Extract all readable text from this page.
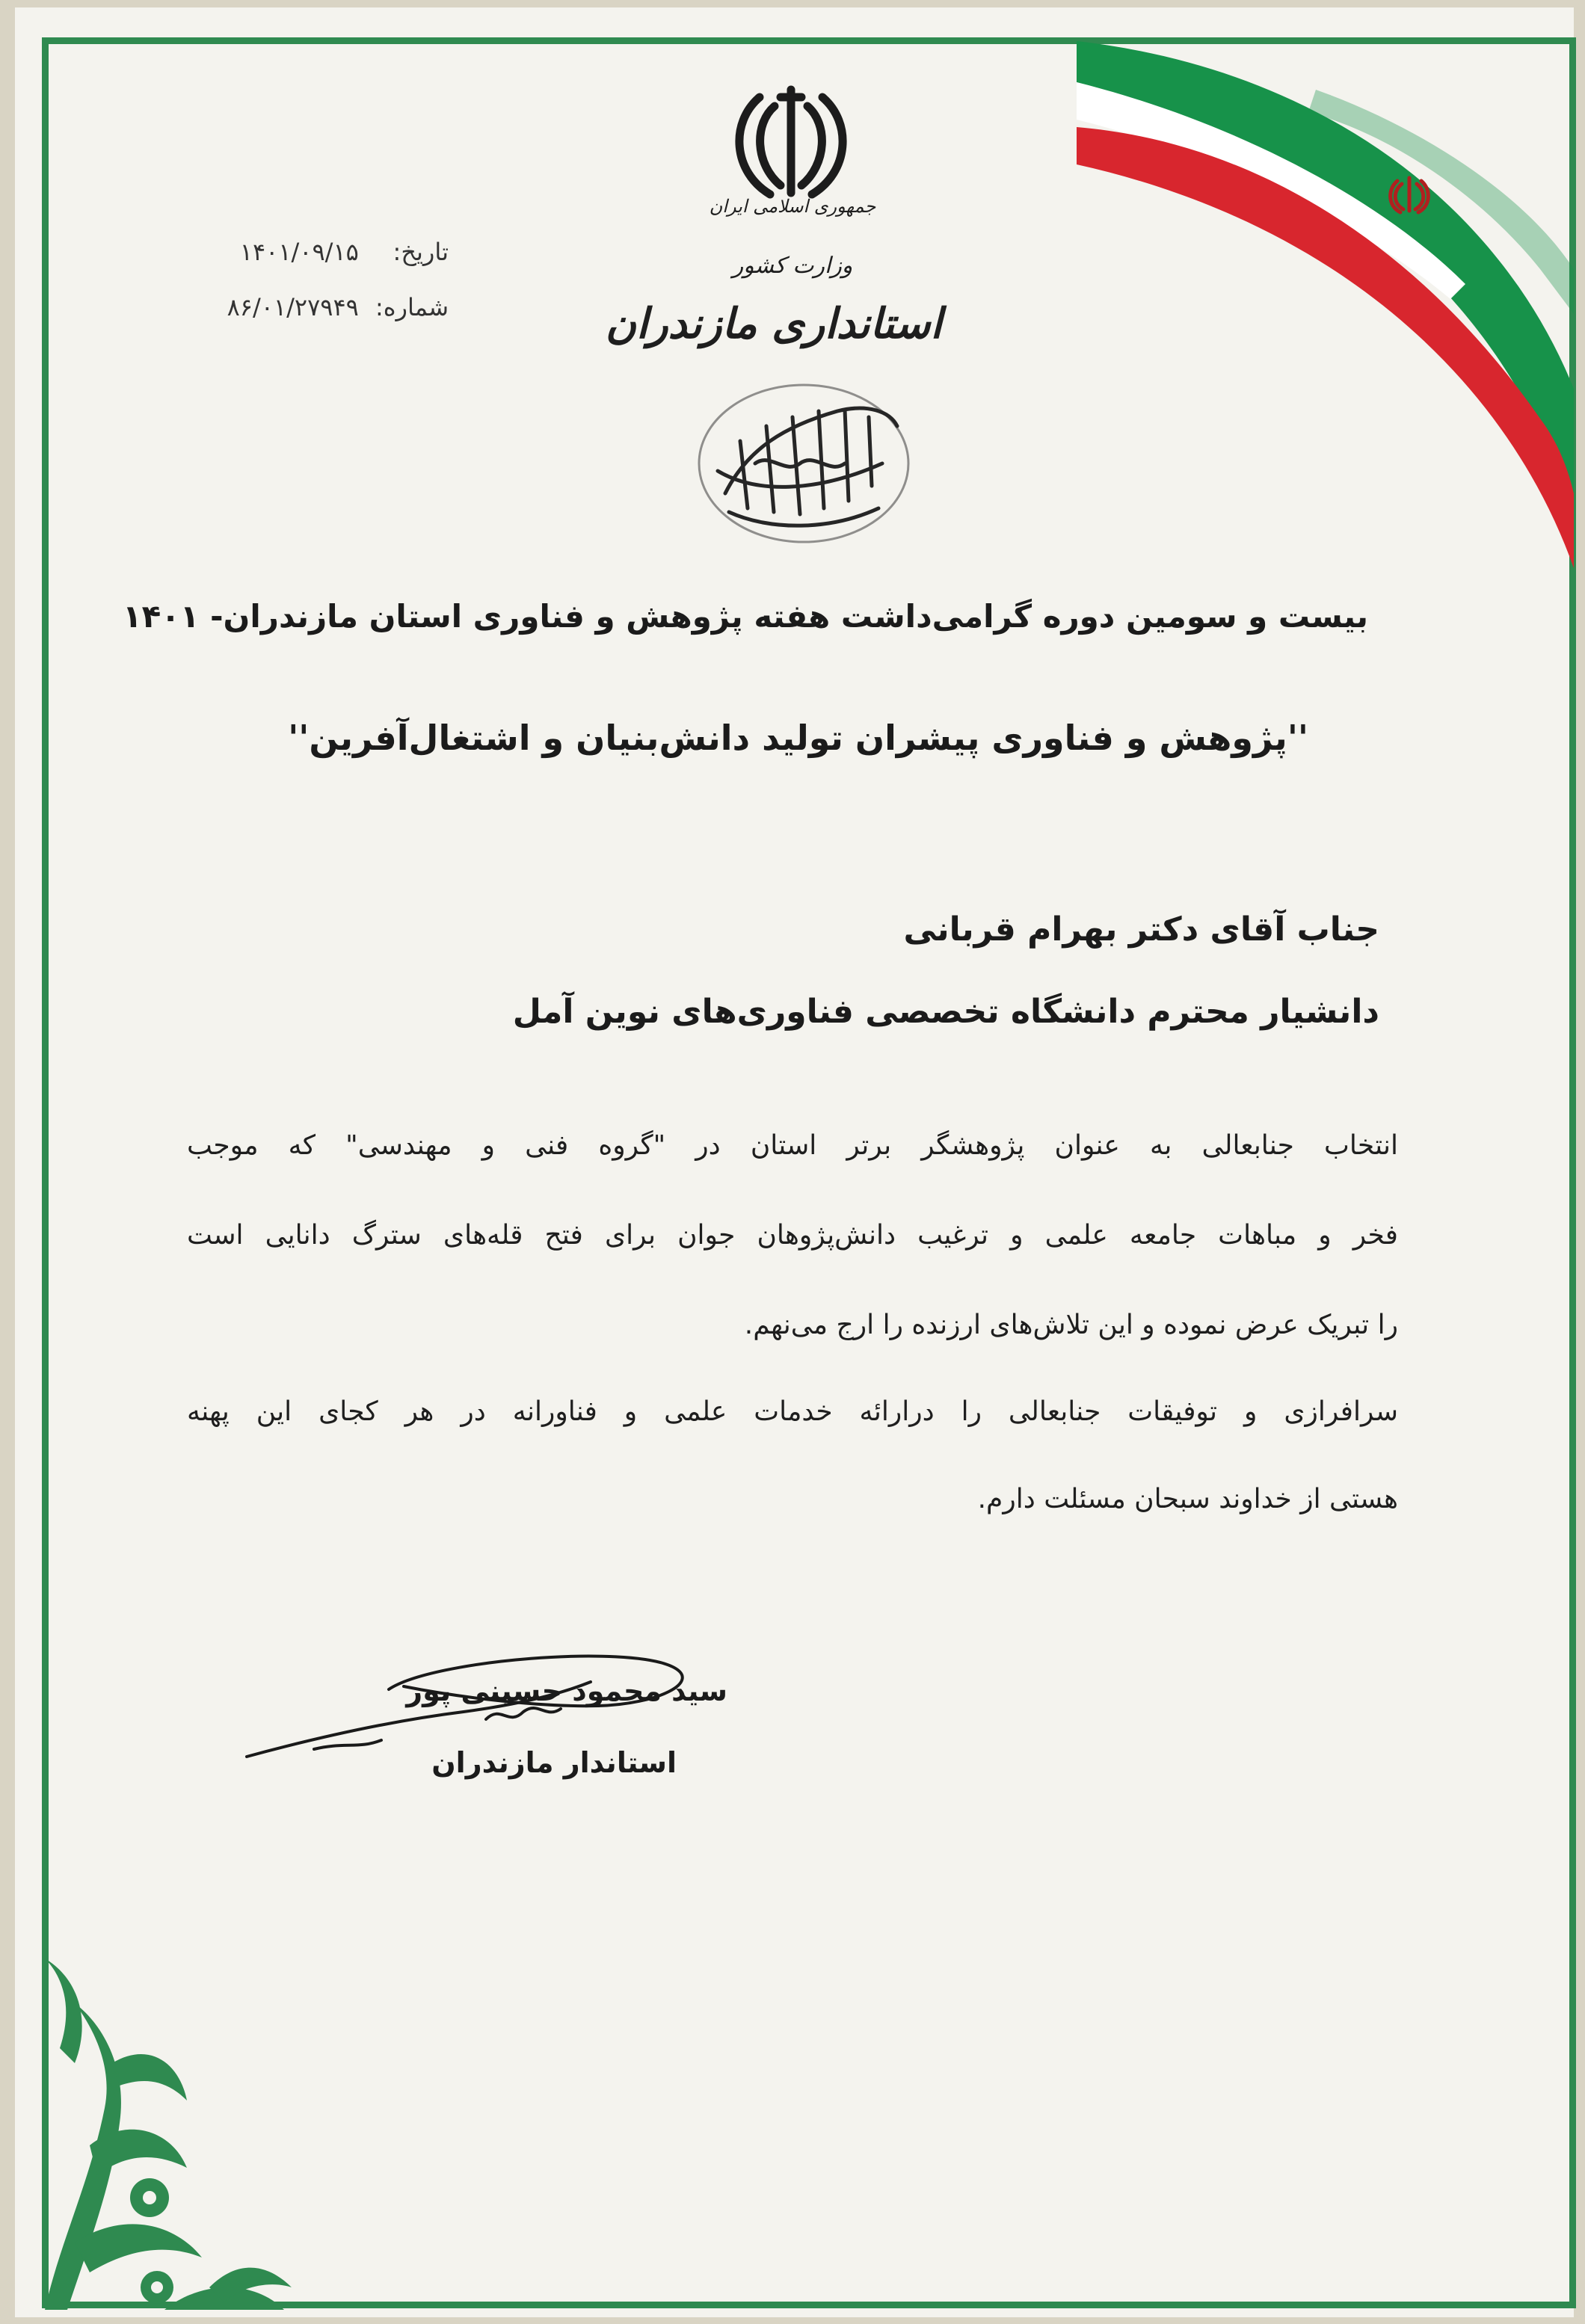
جمهوری اسلامی ایران
وزارت کشور
استانداری مازندران
تاریخ: ۱۴۰۱/۰۹/۱۵
شماره: ۸۶/۰۱/۲۷۹۴۹
بیست و سومین دوره گرامی‌داشت هفته پژوهش و فناوری استان مازندران- ۱۴۰۱
''پژوهش و فناوری پیشران تولید دانش‌بنیان و اشتغال‌آفرین''
جناب آقای دکتر بهرام قربانی
دانشیار محترم دانشگاه تخصصی فناوری‌های نوین آمل
انتخاب جنابعالی به عنوان پژوهشگر برتر استان در "گروه فنی و مهندسی" که موجب
فخر و مباهات جامعه علمی و ترغیب دانش‌پژوهان جوان برای فتح قله‌های سترگ دانایی است
را تبریک عرض نموده و این تلاش‌های ارزنده را ارج می‌نهم.
سرافرازی و توفیقات جنابعالی را درارائه خدمات علمی و فناورانه در هر کجای این پهنه
هستی از خداوند سبحان مسئلت دارم.
سید محمود حسینی پور
استاندار مازندران
